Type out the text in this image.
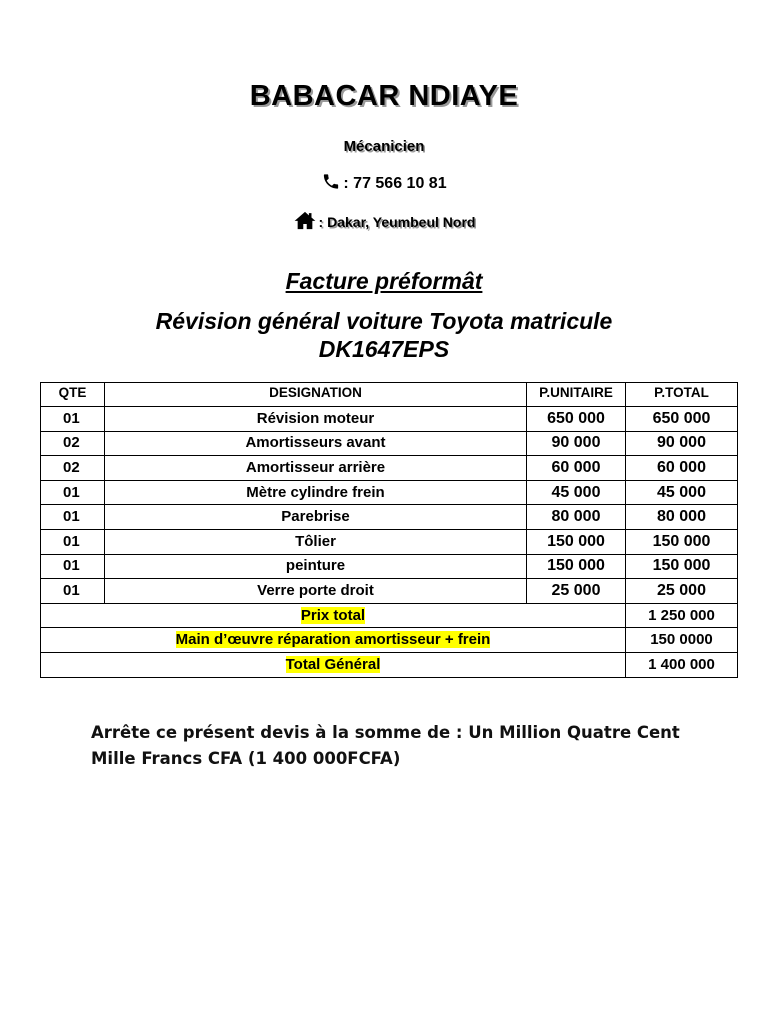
BABACAR NDIAYE
Mécanicien
: 77 566 10 81
: Dakar, Yeumbeul Nord
Facture préformât
Révision général voiture Toyota matricule
DK1647EPS
QTE	DESIGNATION	P.UNITAIRE	P.TOTAL
01	Révision moteur	650 000	650 000
02	Amortisseurs avant	90 000	90 000
02	Amortisseur arrière	60 000	60 000
01	Mètre cylindre frein	45 000	45 000
01	Parebrise	80 000	80 000
01	Tôlier	150 000	150 000
01	peinture	150 000	150 000
01	Verre porte droit	25 000	25 000
Prix total			1 250 000
Main d’œuvre réparation amortisseur + frein			150 0000
Total Général			1 400 000
Arrête ce présent devis à la somme de : Un Million Quatre Cent
Mille Francs CFA (1 400 000FCFA)
